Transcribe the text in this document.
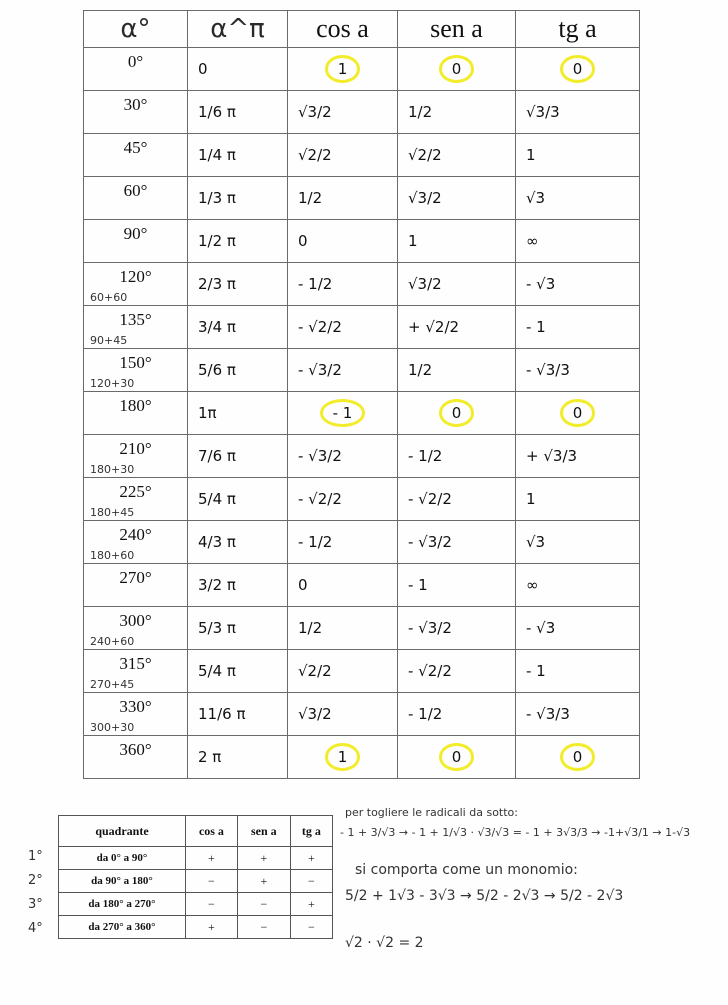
α°	α^π	cos a	sen a	tg a

0°	0	1	0	0

30°	1/6 π	√3/2	1/2	√3/3

45°	1/4 π	√2/2	√2/2	1

60°	1/3 π	1/2	√3/2	√3

90°	1/2 π	0	1	∞

120°
60+60	2/3 π	- 1/2	√3/2	- √3

135°
90+45	3/4 π	- √2/2	+ √2/2	- 1

150°
120+30	5/6 π	- √3/2	1/2	- √3/3

180°	1π	- 1	0	0

210°
180+30	7/6 π	- √3/2	- 1/2	+ √3/3

225°
180+45	5/4 π	- √2/2	- √2/2	1

240°
180+60	4/3 π	- 1/2	- √3/2	√3

270°	3/2 π	0	- 1	∞

300°
240+60	5/3 π	1/2	- √3/2	- √3

315°
270+45	5/4 π	√2/2	- √2/2	- 1

330°
300+30	11/6 π	√3/2	- 1/2	- √3/3

360°	2 π	1	0	0
quadrante	cos a	sen a	tg a
da 0° a 90°	+	+	+
da 90° a 180°	−	+	−
da 180° a 270°	−	−	+
da 270° a 360°	+	−	−
1°
2°
3°
4°
per togliere le radicali da sotto:
- 1 + 3/√3 → - 1 + 1/√3 · √3/√3 = - 1 + 3√3/3 → -1+√3/1 → 1-√3
si comporta come un monomio:
5/2 + 1√3 - 3√3 → 5/2 - 2√3 → 5/2 - 2√3
√2 · √2 = 2
